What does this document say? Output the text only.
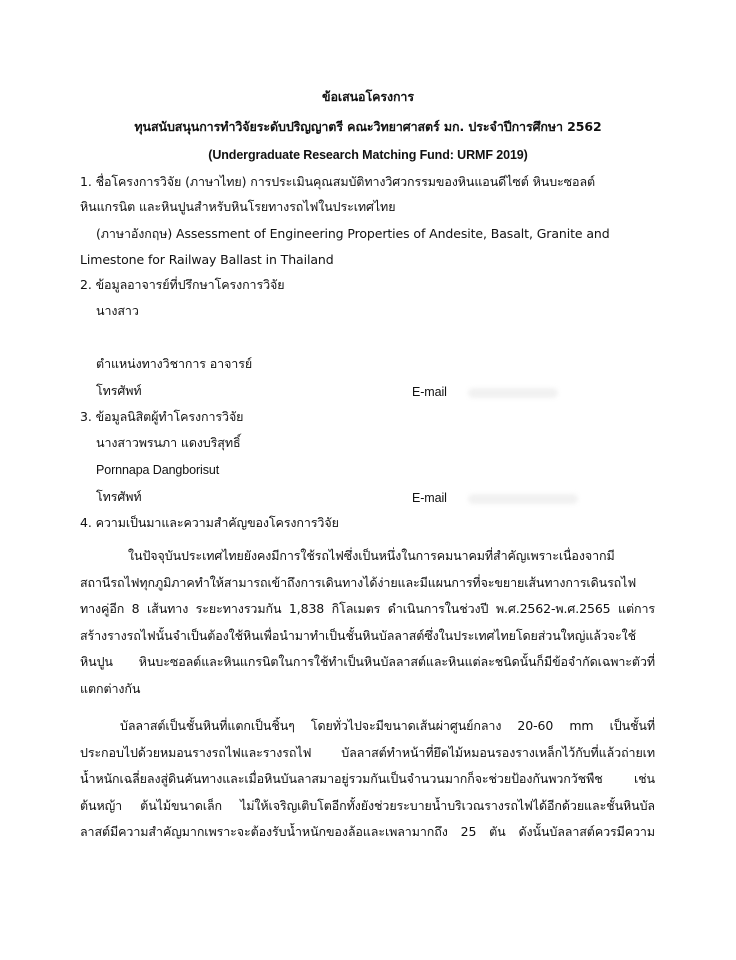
ข้อเสนอโครงการ
ทุนสนับสนุนการทำวิจัยระดับปริญญาตรี คณะวิทยาศาสตร์ มก. ประจำปีการศึกษา 2562
(Undergraduate Research Matching Fund: URMF 2019)
1. ชื่อโครงการวิจัย (ภาษาไทย) การประเมินคุณสมบัติทางวิศวกรรมของหินแอนดีไซต์ หินบะซอลต์
หินแกรนิต และหินปูนสำหรับหินโรยทางรถไฟในประเทศไทย
(ภาษาอังกฤษ) Assessment of Engineering Properties of Andesite, Basalt, Granite and
Limestone for Railway Ballast in Thailand
2. ข้อมูลอาจารย์ที่ปรึกษาโครงการวิจัย
นางสาว
ตำแหน่งทางวิชาการ อาจารย์
โทรศัพท์	E-mail
3. ข้อมูลนิสิตผู้ทำโครงการวิจัย
นางสาวพรนภา แดงบริสุทธิ์
Pornnapa Dangborisut
โทรศัพท์	E-mail
4. ความเป็นมาและความสำคัญของโครงการวิจัย
ในปัจจุบันประเทศไทยยังคงมีการใช้รถไฟซึ่งเป็นหนึ่งในการคมนาคมที่สำคัญเพราะเนื่องจากมี
สถานีรถไฟทุกภูมิภาคทำให้สามารถเข้าถึงการเดินทางได้ง่ายและมีแผนการที่จะขยายเส้นทางการเดินรถไฟ
ทางคู่อีก 8 เส้นทาง ระยะทางรวมกัน 1,838 กิโลเมตร ดำเนินการในช่วงปี พ.ศ.2562-พ.ศ.2565 แต่การ
สร้างรางรถไฟนั้นจำเป็นต้องใช้หินเพื่อนำมาทำเป็นชั้นหินบัลลาสต์ซึ่งในประเทศไทยโดยส่วนใหญ่แล้วจะใช้
หินปูน หินบะซอลต์และหินแกรนิตในการใช้ทำเป็นหินบัลลาสต์และหินแต่ละชนิดนั้นก็มีข้อจำกัดเฉพาะตัวที่
แตกต่างกัน
บัลลาสต์เป็นชั้นหินที่แตกเป็นชิ้นๆ โดยทั่วไปจะมีขนาดเส้นผ่าศูนย์กลาง 20-60 mm เป็นชั้นที่
ประกอบไปด้วยหมอนรางรถไฟและรางรถไฟ บัลลาสต์ทำหน้าที่ยึดไม้หมอนรองรางเหล็กไว้กับที่แล้วถ่ายเท
น้ำหนักเฉลี่ยลงสู่ดินคันทางและเมื่อหินบันลาสมาอยู่รวมกันเป็นจำนวนมากก็จะช่วยป้องกันพวกวัชพืช เช่น
ต้นหญ้า ต้นไม้ขนาดเล็ก ไม่ให้เจริญเติบโตอีกทั้งยังช่วยระบายน้ำบริเวณรางรถไฟได้อีกด้วยและชั้นหินบัล
ลาสต์มีความสำคัญมากเพราะจะต้องรับน้ำหนักของล้อและเพลามากถึง 25 ตัน ดังนั้นบัลลาสต์ควรมีความ
